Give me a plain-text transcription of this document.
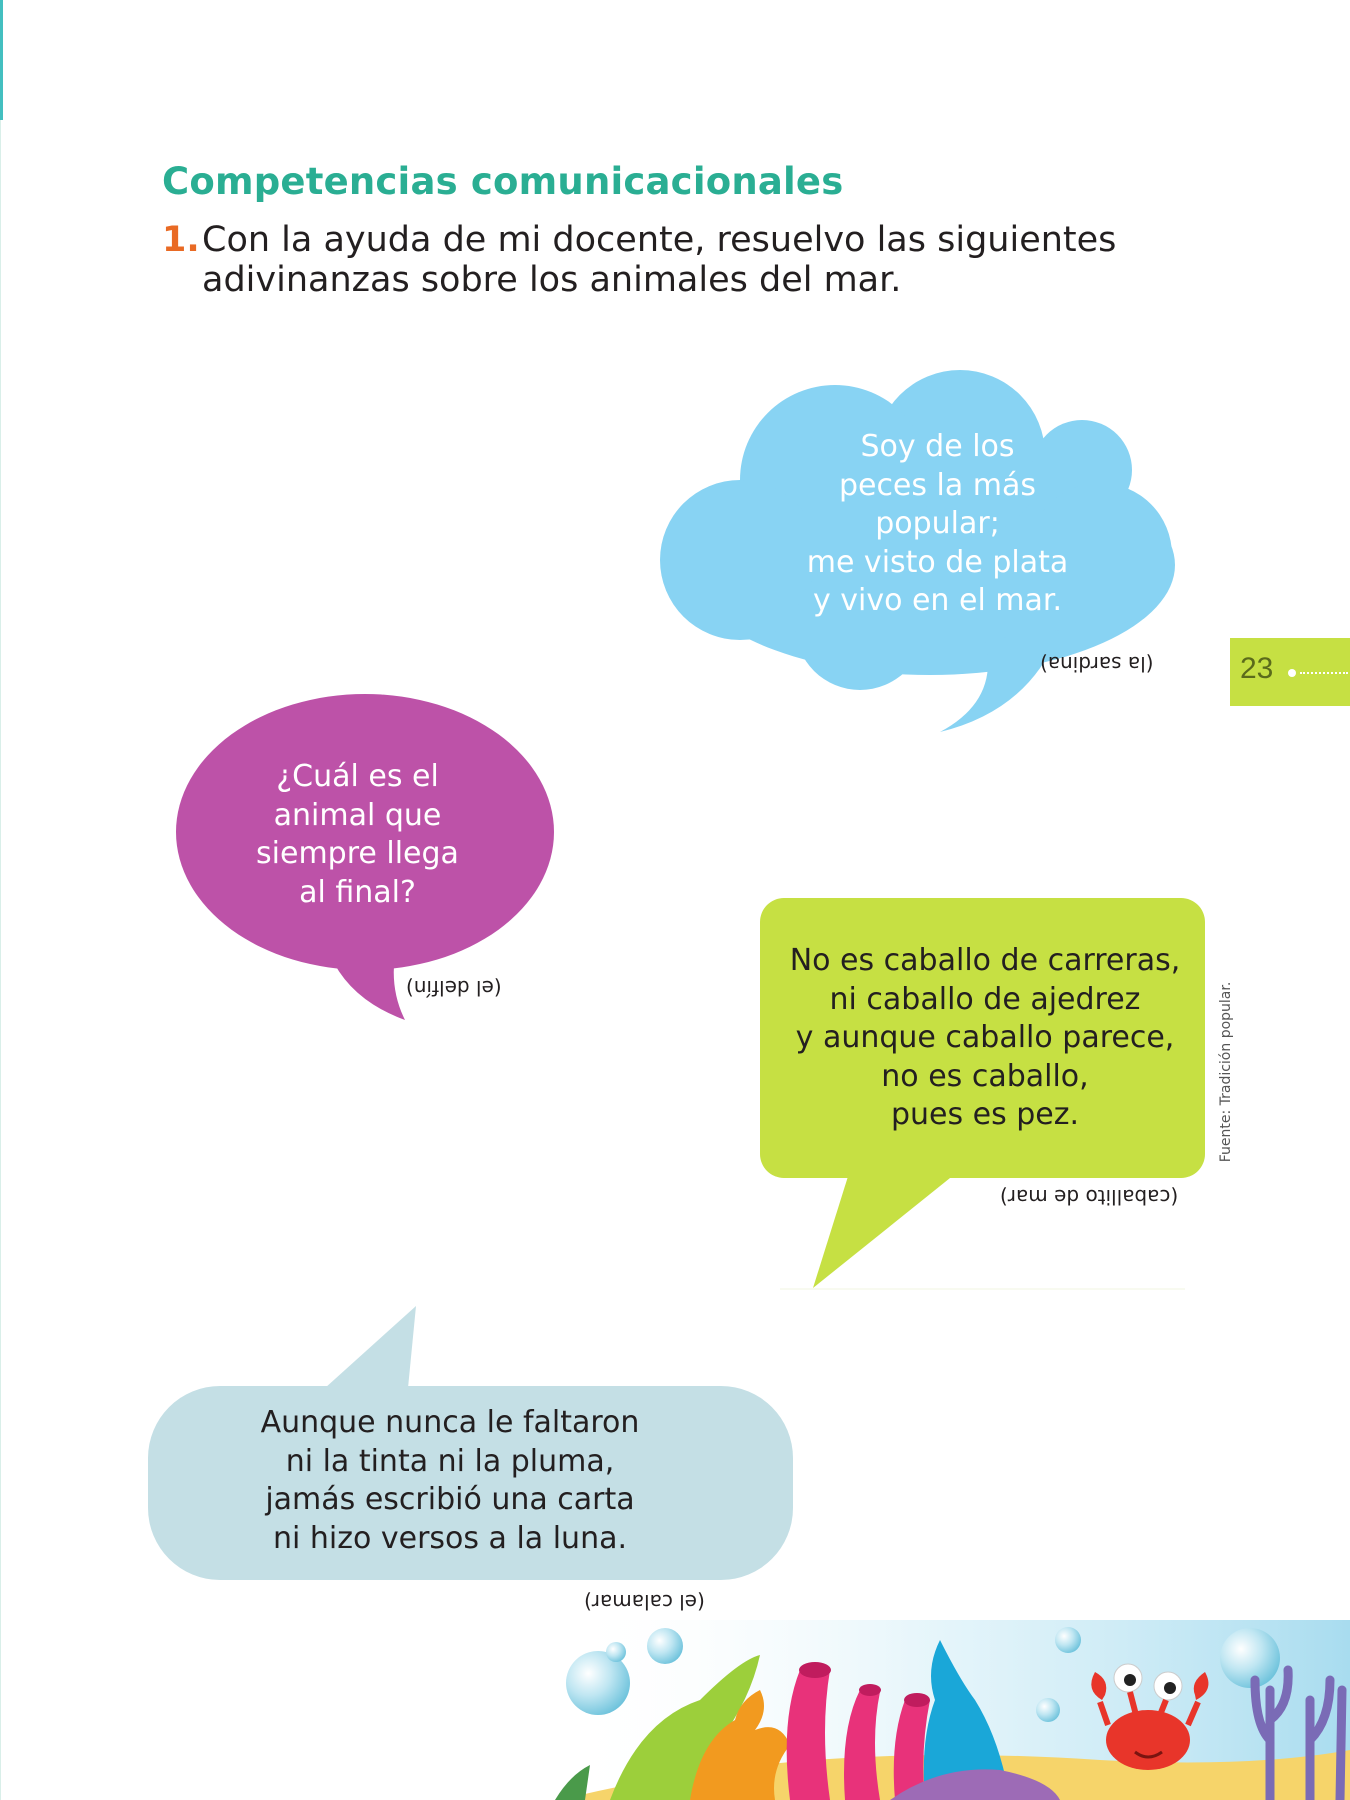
Competencias comunicacionales
1. Con la ayuda de mi docente, resuelvo las siguientes adivinanzas sobre los animales del mar.
23
Soy de los
peces la más
popular;
me visto de plata
y vivo en el mar.
(la sardina)
¿Cuál es el
animal que
siempre llega
al final?
(el delfín)
No es caballo de carreras,
ni caballo de ajedrez
y aunque caballo parece,
no es caballo,
pues es pez.
(caballito de mar)
Aunque nunca le faltaron
ni la tinta ni la pluma,
jamás escribió una carta
ni hizo versos a la luna.
(el calamar)
Fuente: Tradición popular.
